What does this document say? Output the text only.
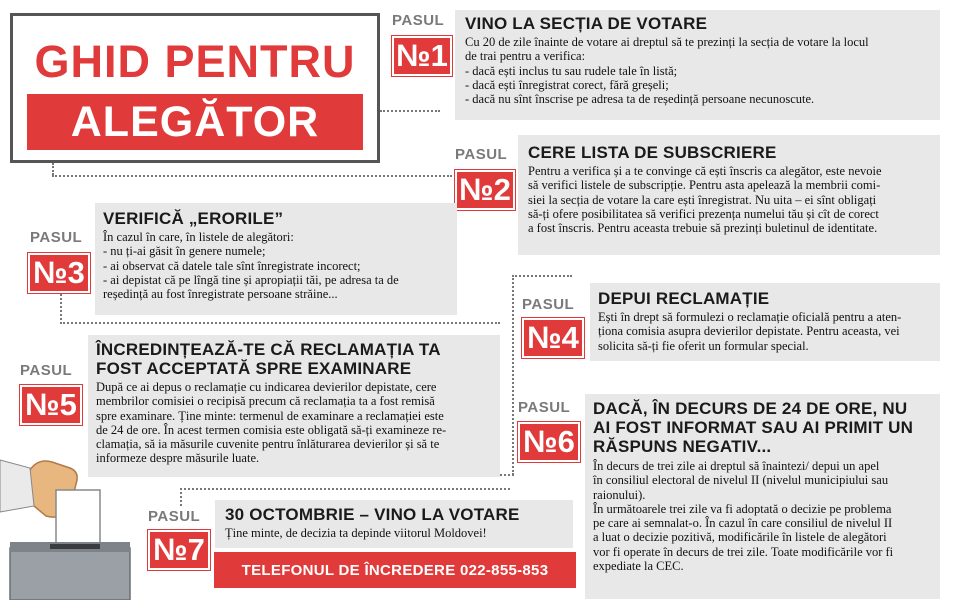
GHID PENTRU
ALEGĂTOR
PASUL
№1
VINO LA SECȚIA DE VOTARE
Cu 20 de zile înainte de votare ai dreptul să te prezinți la secția de votare la locul
de trai pentru a verifica:
- dacă ești inclus tu sau rudele tale în listă;
- dacă ești înregistrat corect, fără greșeli;
- dacă nu sînt înscrise pe adresa ta de reședință persoane necunoscute.
PASUL
№2
CERE LISTA DE SUBSCRIERE
Pentru a verifica și a te convinge că ești înscris ca alegător, este nevoie
să verifici listele de subscripție. Pentru asta apelează la membrii comi-
siei la secția de votare la care ești înregistrat. Nu uita – ei sînt obligați
să-ți ofere posibilitatea să verifici prezența numelui tău și cît de corect
a fost înscris. Pentru aceasta trebuie să prezinți buletinul de identitate.
PASUL
№3
VERIFICĂ „ERORILE”
În cazul în care, în listele de alegători:
- nu ți-ai găsit în genere numele;
- ai observat că datele tale sînt înregistrate incorect;
- ai depistat că pe lîngă tine și apropiații tăi, pe adresa ta de
reședință au fost înregistrate persoane străine...
PASUL
№4
DEPUI RECLAMAȚIE
Ești în drept să formulezi o reclamație oficială pentru a aten-
ționa comisia asupra devierilor depistate. Pentru aceasta, vei
solicita să-ți fie oferit un formular special.
PASUL
№5
ÎNCREDINȚEAZĂ-TE CĂ RECLAMAȚIA TA
FOST ACCEPTATĂ SPRE EXAMINARE
După ce ai depus o reclamație cu indicarea devierilor depistate, cere
membrilor comisiei o recipisă precum că reclamația ta a fost remisă
spre examinare. Ține minte: termenul de examinare a reclamației este
de 24 de ore. În acest termen comisia este obligată să-ți examineze re-
clamația, să ia măsurile cuvenite pentru înlăturarea devierilor și să te
informeze despre măsurile luate.
PASUL
№6
DACĂ, ÎN DECURS DE 24 DE ORE, NU
AI FOST INFORMAT SAU AI PRIMIT UN
RĂSPUNS NEGATIV...
În decurs de trei zile ai dreptul să înaintezi/ depui un apel
în consiliul electoral de nivelul II (nivelul municipiului sau
raionului).
În următoarele trei zile va fi adoptată o decizie pe problema
pe care ai semnalat-o. În cazul în care consiliul de nivelul II
a luat o decizie pozitivă, modificările în listele de alegători
vor fi operate în decurs de trei zile. Toate modificările vor fi
expediate la CEC.
PASUL
№7
30 OCTOMBRIE – VINO LA VOTARE
Ține minte, de decizia ta depinde viitorul Moldovei!
TELEFONUL DE ÎNCREDERE 022-855-853
